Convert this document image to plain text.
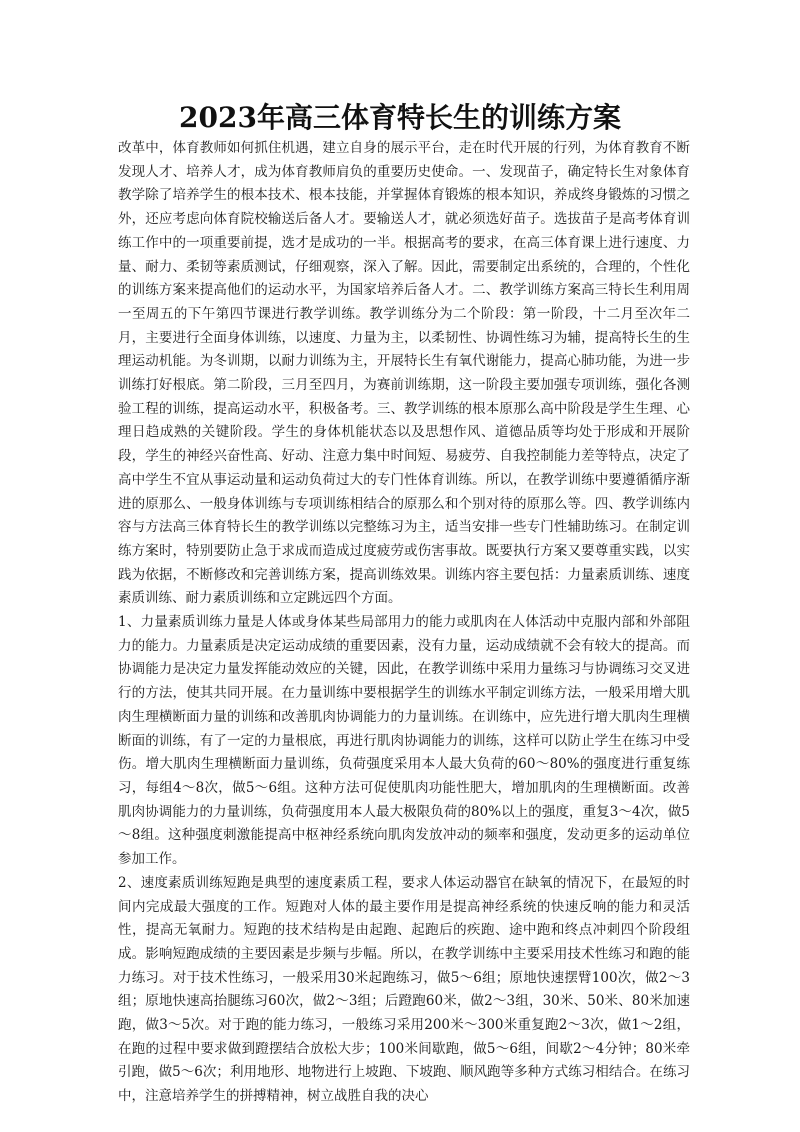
2023年高三体育特长生的训练方案

改革中，体育教师如何抓住机遇，建立自身的展示平台，走在时代开展的行列，为体育教育不断发现人才、培养人才，成为体育教师肩负的重要历史使命。一、发现苗子，确定特长生对象体育教学除了培养学生的根本技术、根本技能，并掌握体育锻炼的根本知识，养成终身锻炼的习惯之外，还应考虑向体育院校输送后备人才。要输送人才，就必须选好苗子。选拔苗子是高考体育训练工作中的一项重要前提，选才是成功的一半。根据高考的要求，在高三体育课上进行速度、力量、耐力、柔韧等素质测试，仔细观察，深入了解。因此，需要制定出系统的，合理的，个性化的训练方案来提高他们的运动水平，为国家培养后备人才。二、教学训练方案高三特长生利用周一至周五的下午第四节课进行教学训练。教学训练分为二个阶段：第一阶段，十二月至次年二月，主要进行全面身体训练，以速度、力量为主，以柔韧性、协调性练习为辅，提高特长生的生理运动机能。为冬训期，以耐力训练为主，开展特长生有氧代谢能力，提高心肺功能，为进一步训练打好根底。第二阶段，三月至四月，为赛前训练期，这一阶段主要加强专项训练，强化各测验工程的训练，提高运动水平，积极备考。三、教学训练的根本原那么高中阶段是学生生理、心理日趋成熟的关键阶段。学生的身体机能状态以及思想作风、道德品质等均处于形成和开展阶段，学生的神经兴奋性高、好动、注意力集中时间短、易疲劳、自我控制能力差等特点，决定了高中学生不宜从事运动量和运动负荷过大的专门性体育训练。所以，在教学训练中要遵循循序渐进的原那么、一般身体训练与专项训练相结合的原那么和个别对待的原那么等。四、教学训练内容与方法高三体育特长生的教学训练以完整练习为主，适当安排一些专门性辅助练习。在制定训练方案时，特别要防止急于求成而造成过度疲劳或伤害事故。既要执行方案又要尊重实践，以实践为依据，不断修改和完善训练方案，提高训练效果。训练内容主要包括：力量素质训练、速度素质训练、耐力素质训练和立定跳远四个方面。

1、力量素质训练力量是人体或身体某些局部用力的能力或肌肉在人体活动中克服内部和外部阻力的能力。力量素质是决定运动成绩的重要因素，没有力量，运动成绩就不会有较大的提高。而协调能力是决定力量发挥能动效应的关键，因此，在教学训练中采用力量练习与协调练习交叉进行的方法，使其共同开展。在力量训练中要根据学生的训练水平制定训练方法，一般采用增大肌肉生理横断面力量的训练和改善肌肉协调能力的力量训练。在训练中，应先进行增大肌肉生理横断面的训练，有了一定的力量根底，再进行肌肉协调能力的训练，这样可以防止学生在练习中受伤。增大肌肉生理横断面力量训练，负荷强度采用本人最大负荷的60～80%的强度进行重复练习，每组4～8次，做5～6组。这种方法可促使肌肉功能性肥大，增加肌肉的生理横断面。改善肌肉协调能力的力量训练，负荷强度用本人最大极限负荷的80%以上的强度，重复3～4次，做5～8组。这种强度刺激能提高中枢神经系统向肌肉发放冲动的频率和强度，发动更多的运动单位参加工作。

2、速度素质训练短跑是典型的速度素质工程，要求人体运动器官在缺氧的情况下，在最短的时间内完成最大强度的工作。短跑对人体的最主要作用是提高神经系统的快速反响的能力和灵活性，提高无氧耐力。短跑的技术结构是由起跑、起跑后的疾跑、途中跑和终点冲刺四个阶段组成。影响短跑成绩的主要因素是步频与步幅。所以，在教学训练中主要采用技术性练习和跑的能力练习。对于技术性练习，一般采用30米起跑练习，做5～6组；原地快速摆臂100次，做2～3组；原地快速高抬腿练习60次，做2～3组；后蹬跑60米，做2～3组，30米、50米、80米加速跑，做3～5次。对于跑的能力练习，一般练习采用200米～300米重复跑2～3次，做1～2组，在跑的过程中要求做到蹬摆结合放松大步；100米间歇跑，做5～6组，间歇2～4分钟；80米牵引跑，做5～6次；利用地形、地物进行上坡跑、下坡跑、顺风跑等多种方式练习相结合。在练习中，注意培养学生的拼搏精神，树立战胜自我的决心
